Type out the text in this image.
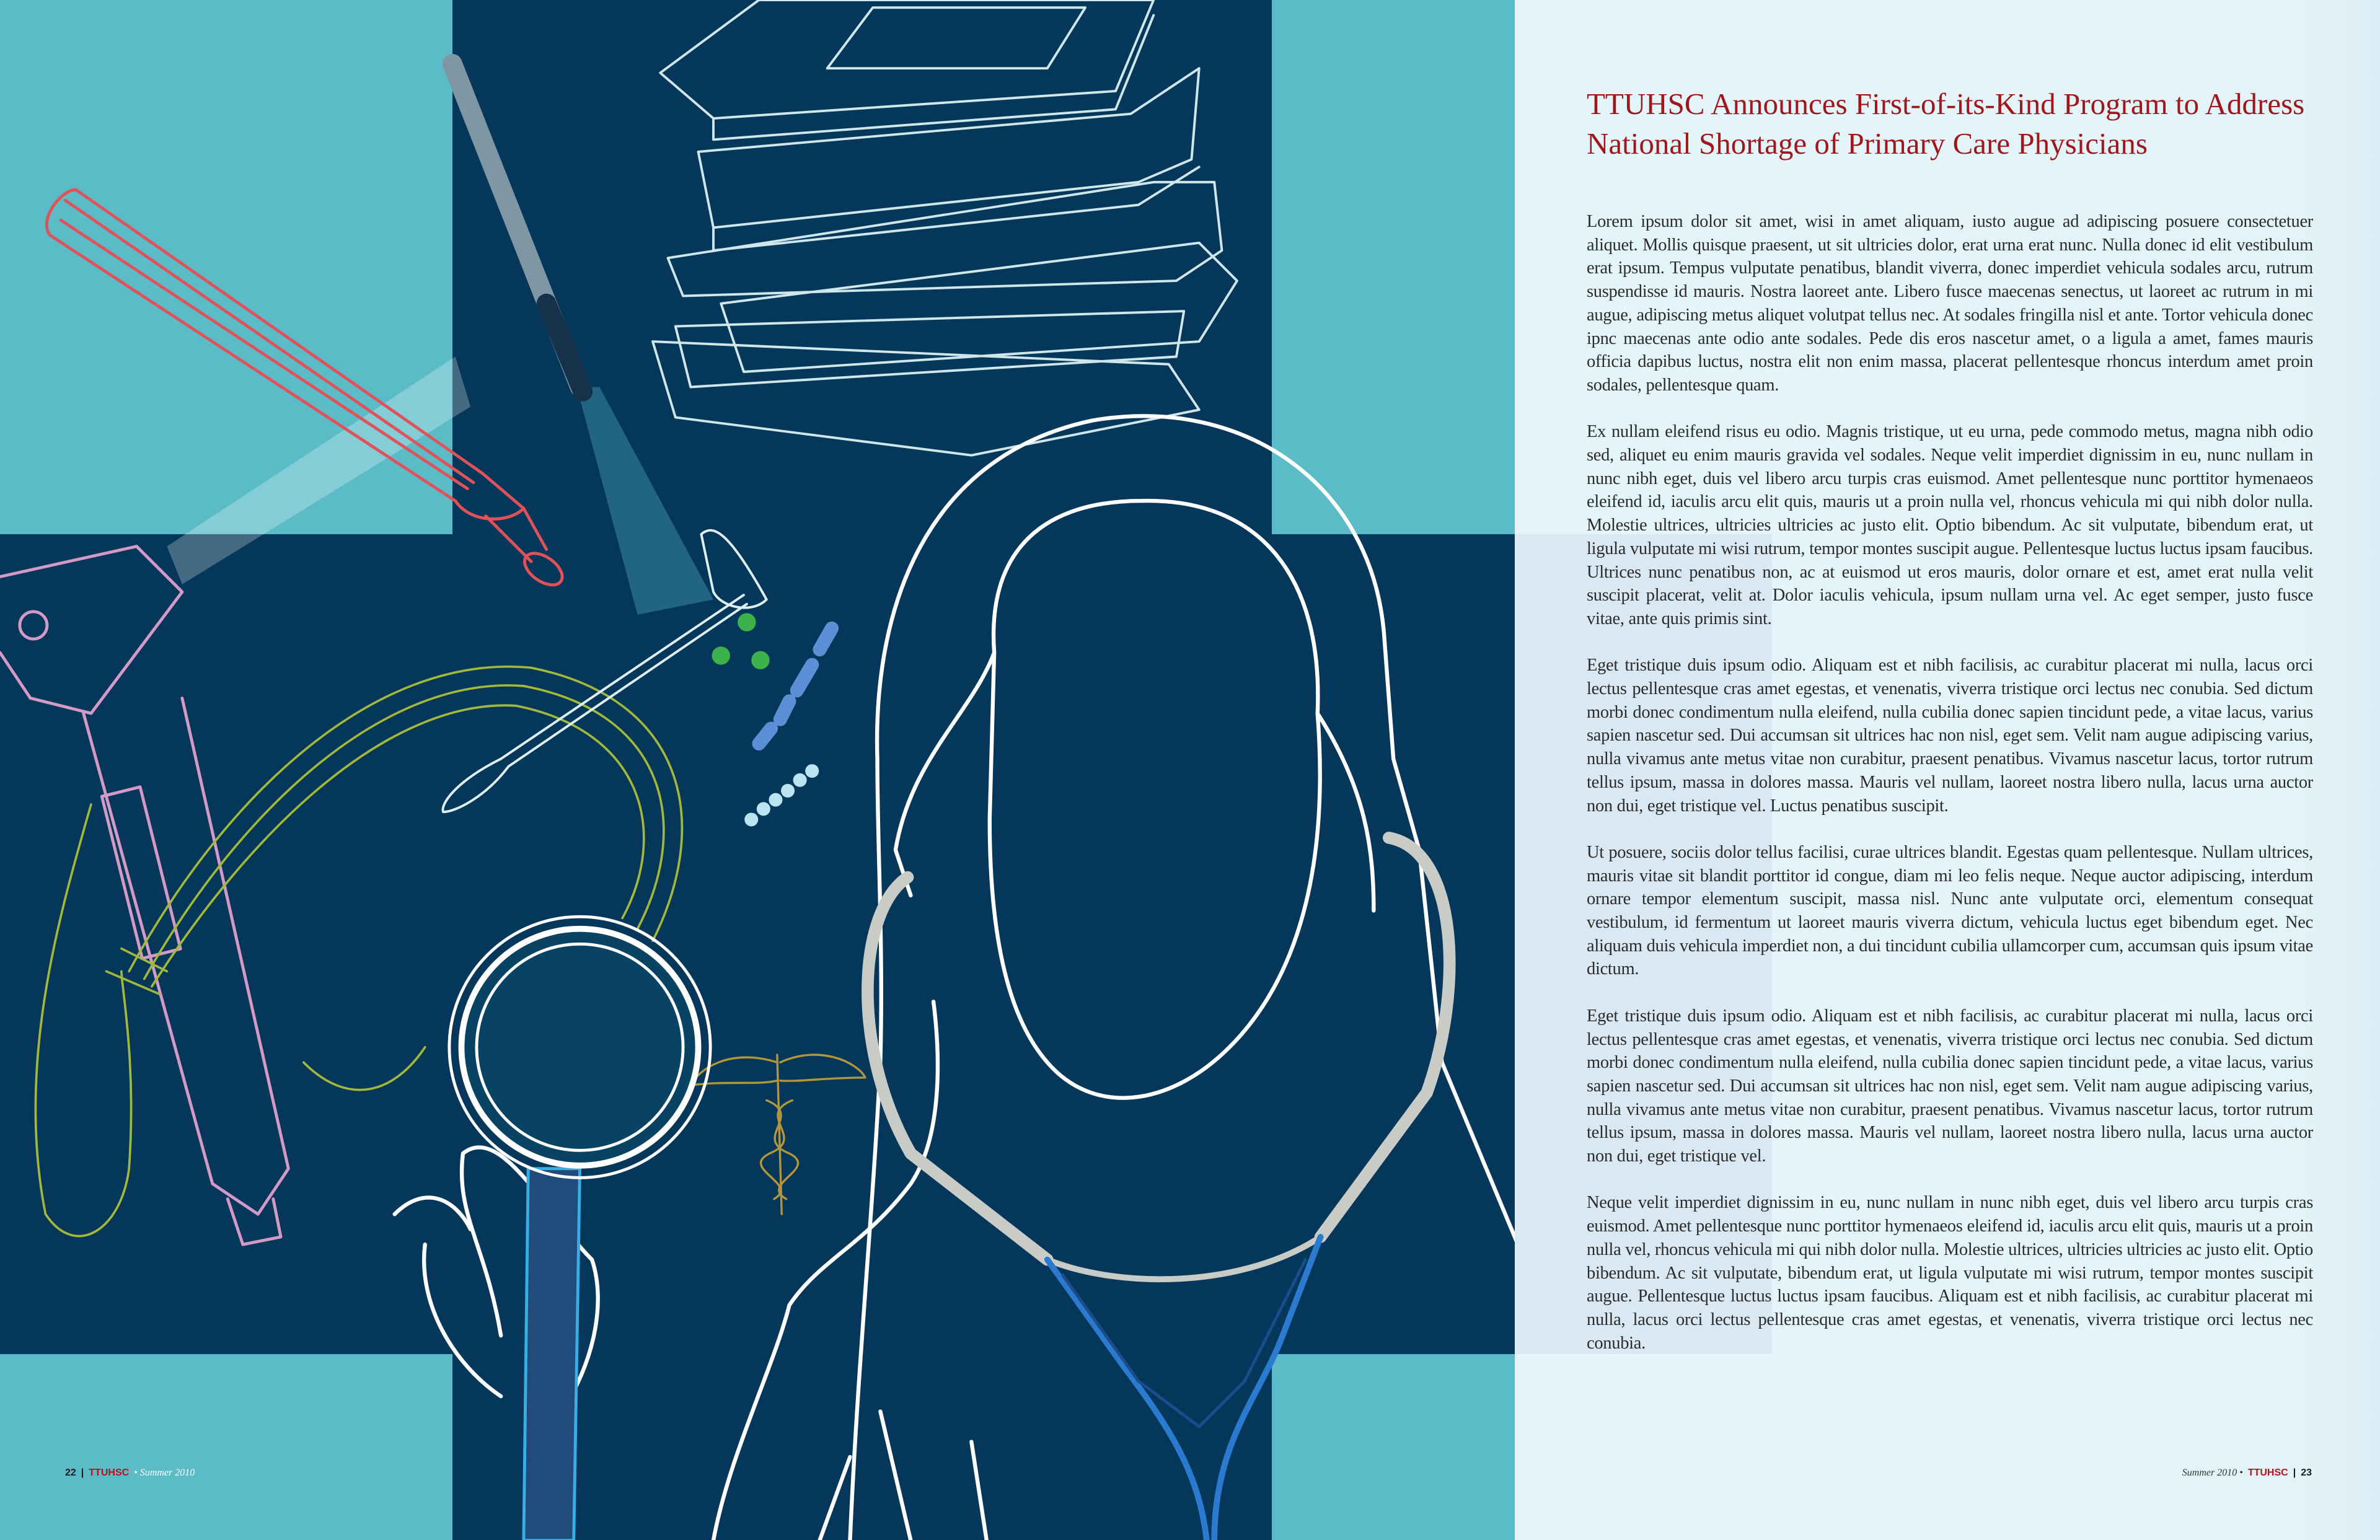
22 | TTUHSC • Summer 2010
TTUHSC Announces First-of-its-Kind Program to Address National Shortage of Primary Care Physicians

Lorem ipsum dolor sit amet, wisi in amet aliquam, iusto augue ad adipiscing posuere consectetuer aliquet. Mollis quisque praesent, ut sit ultricies dolor, erat urna erat nunc. Nulla donec id elit vestibulum erat ipsum. Tempus vulputate penatibus, blandit viverra, donec imperdiet vehicula sodales arcu, rutrum suspendisse id mauris. Nostra laoreet ante. Libero fusce maecenas senectus, ut laoreet ac rutrum in mi augue, adipiscing metus aliquet volutpat tellus nec. At sodales fringilla nisl et ante. Tortor vehicula donec ipnc maecenas ante odio ante sodales. Pede dis eros nascetur amet, o a ligula a amet, fames mauris officia dapibus luctus, nostra elit non enim massa, placerat pellentesque rhoncus interdum amet proin sodales, pellentesque quam.

Ex nullam eleifend risus eu odio. Magnis tristique, ut eu urna, pede commodo metus, magna nibh odio sed, aliquet eu enim mauris gravida vel sodales. Neque velit imperdiet dignissim in eu, nunc nullam in nunc nibh eget, duis vel libero arcu turpis cras euismod. Amet pellentesque nunc porttitor hymenaeos eleifend id, iaculis arcu elit quis, mauris ut a proin nulla vel, rhoncus vehicula mi qui nibh dolor nulla. Molestie ultrices, ultricies ultricies ac justo elit. Optio bibendum. Ac sit vulputate, bibendum erat, ut ligula vulputate mi wisi rutrum, tempor montes suscipit augue. Pellentesque luctus luctus ipsam faucibus. Ultrices nunc penatibus non, ac at euismod ut eros mauris, dolor ornare et est, amet erat nulla velit suscipit placerat, velit at. Dolor iaculis vehicula, ipsum nullam urna vel. Ac eget semper, justo fusce vitae, ante quis primis sint.

Eget tristique duis ipsum odio. Aliquam est et nibh facilisis, ac curabitur placerat mi nulla, lacus orci lectus pellentesque cras amet egestas, et venenatis, viverra tristique orci lectus nec conubia. Sed dictum morbi donec condimentum nulla eleifend, nulla cubilia donec sapien tincidunt pede, a vitae lacus, varius sapien nascetur sed. Dui accumsan sit ultrices hac non nisl, eget sem. Velit nam augue adipiscing varius, nulla vivamus ante metus vitae non curabitur, praesent penatibus. Vivamus nascetur lacus, tortor rutrum tellus ipsum, massa in dolores massa. Mauris vel nullam, laoreet nostra libero nulla, lacus urna auctor non dui, eget tristique vel. Luctus penatibus suscipit.

Ut posuere, sociis dolor tellus facilisi, curae ultrices blandit. Egestas quam pellentesque. Nullam ultrices, mauris vitae sit blandit porttitor id congue, diam mi leo felis neque. Neque auctor adipiscing, interdum ornare tempor elementum suscipit, massa nisl. Nunc ante vulputate orci, elementum consequat vestibulum, id fermentum ut laoreet mauris viverra dictum, vehicula luctus eget bibendum eget. Nec aliquam duis vehicula imperdiet non, a dui tincidunt cubilia ullamcorper cum, accumsan quis ipsum vitae dictum.

Eget tristique duis ipsum odio. Aliquam est et nibh facilisis, ac curabitur placerat mi nulla, lacus orci lectus pellentesque cras amet egestas, et venenatis, viverra tristique orci lectus nec conubia. Sed dictum morbi donec condimentum nulla eleifend, nulla cubilia donec sapien tincidunt pede, a vitae lacus, varius sapien nascetur sed. Dui accumsan sit ultrices hac non nisl, eget sem. Velit nam augue adipiscing varius, nulla vivamus ante metus vitae non curabitur, praesent penatibus. Vivamus nascetur lacus, tortor rutrum tellus ipsum, massa in dolores massa. Mauris vel nullam, laoreet nostra libero nulla, lacus urna auctor non dui, eget tristique vel.

Neque velit imperdiet dignissim in eu, nunc nullam in nunc nibh eget, duis vel libero arcu turpis cras euismod. Amet pellentesque nunc porttitor hymenaeos eleifend id, iaculis arcu elit quis, mauris ut a proin nulla vel, rhoncus vehicula mi qui nibh dolor nulla. Molestie ultrices, ultricies ultricies ac justo elit. Optio bibendum. Ac sit vulputate, bibendum erat, ut ligula vulputate mi wisi rutrum, tempor montes suscipit augue. Pellentesque luctus luctus ipsam faucibus. Aliquam est et nibh facilisis, ac curabitur placerat mi nulla, lacus orci lectus pellentesque cras amet egestas, et venenatis, viverra tristique orci lectus nec conubia.

Summer 2010 • TTUHSC | 23
